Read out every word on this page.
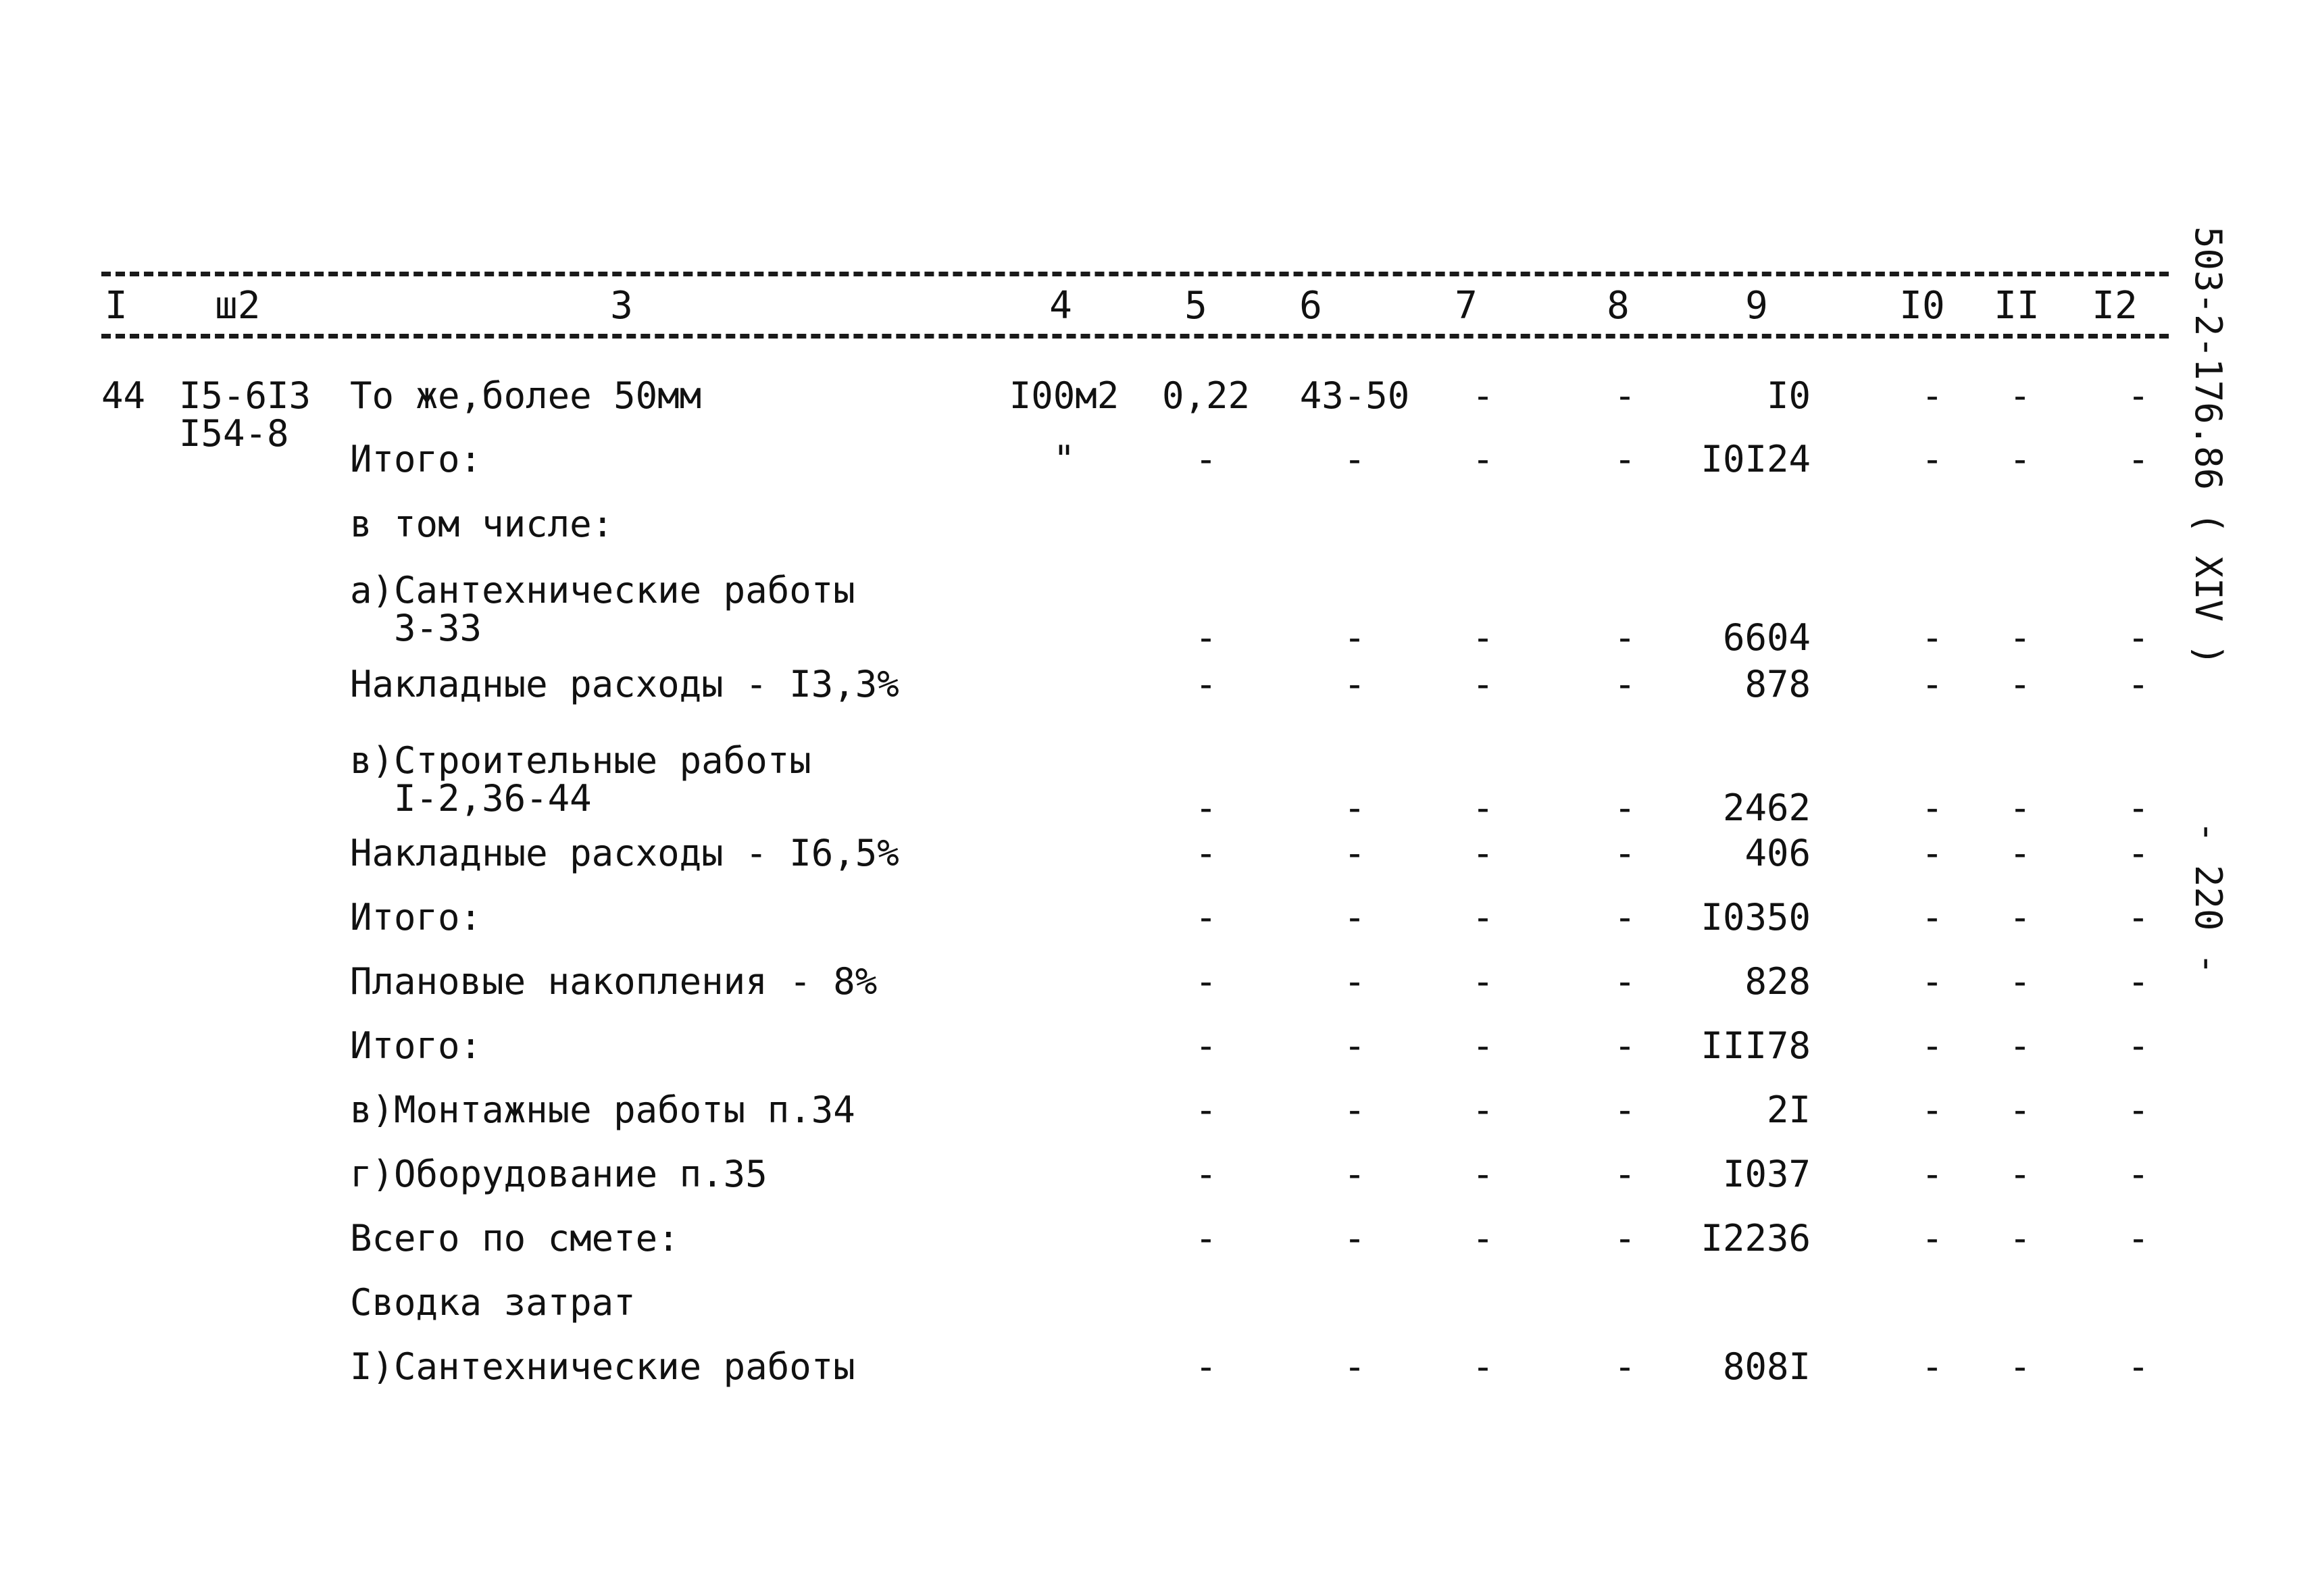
I ш2	3	4	5 6	7	8	9	I0 II I2
44 I5-6I3
I54-8
То же,более 50мм	I00м2 0,22 43-50 -	-	I0	- -	-
Итого:	"	-	-	-	- I0I24	- -	-
в том числе:
а)Сантехнические работы
3-33	-	-	-	- 6604	- -	-
Накладные расходы - I3,3%	-	-	-	-	878	- -	-
в)Строительные работы
I-2,36-44	-	-	-	- 2462	- -	-
Накладные расходы - I6,5%	-	-	-	-	406	- -	-
Итого:	-	-	-	- I0350	- -	-
Плановые накопления - 8%	-	-	-	-	828	- -	-
Итого:	-	-	-	- III78	- -	-
в)Монтажные работы п.34	-	-	-	-	2I	- -	-
г)Оборудование п.35	-	-	-	- I037	- -	-
Всего по смете:	-	-	-	- I2236	- -	-
Сводка затрат
I)Сантехнические работы	-	-	-	- 808I	- -	-
503-2-176.86 ( XIV )
- 220 -
